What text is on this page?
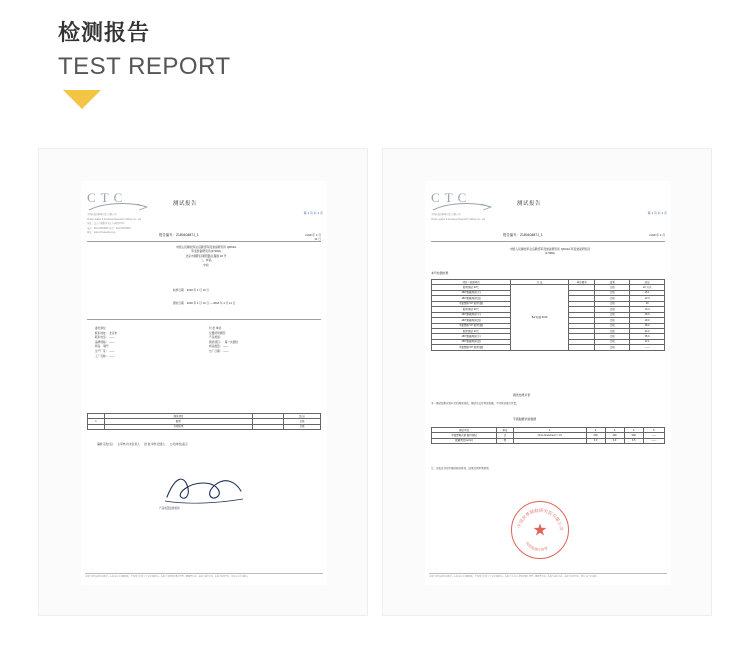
检测报告
TEST REPORT
CTC
中国皮革制鞋研究院有限公司
China Leather & Footwear Research Institute Co., Ltd
地址：北京市朝阳区望京东园四区8号
电话：010-64363926 传真：010-64363936
网址：www.chinaleather.org
测试报告
第 1 页 共 1 页
报告编号：Z18040487J_1	2018 年 4 月
11 日
中国人民解放军总后勤部军需装备研究所 QD01A
军需装备研究所(1700H)
北京市朝阳区朝阳路甘露园 16 号
二、样品
中检
收样日期 2018 年 4 月 10 日
测试日期 2018 年 4 月 10 日 — 2018 年 4 月 11 日
委托单位
联系地址： 北京市
联系电话： ——
品牌规格： ——
样品 鞋号
生产厂家： ——
工厂名称： ——
付 款 单位：
仪器使用情况：
产品类别：
测试项目： 第一次测试
样品数量： ——
出厂日期： ——
	测试项目		结 论
1	耐折		合格
	外观质量		合格
编制 签发(名) 主审核 技术负责人 批 准 审核 批准人 公司(单位)盖章
产品质量监督检验
本报告仅对送检样品负责。未经本公司书面批准，不得部分复制（全文复制除外）。本报告无检验检测专用章、骑缝章无效。本报告涂改无效。本报告如有异议，请在 15 日内提出。
CTC
中国皮革制鞋研究院有限公司
China Leather & Footwear Research Institute Co., Ltd
测试报告
第 1 页 共 1 页
报告编号：Z18040487J_1	2018 年 4 月
中国人民解放军总后勤部军需装备研究所 QD01A 军需装备研究所
(1700H)
本号检测结果
项目 / 检测项目	方 法	单位要求	结果	结论
耐折测试 20℃	BJ/ 标准 2016		合格	10 万次
180°耐磨测试(干)			合格	15.1
180°耐磨测试(湿)			合格	12.3
平面摩擦 50° 耐折(面)			合格	40
耐折测试 20℃			合格	13.4
180°耐磨测试(干)			合格	18.0
180°耐磨测试(湿)			合格	19.0
平面摩擦 50° 耐折(面)			合格	18.2
耐折测试 20℃			合格	14.2
180°耐磨测试(干)			合格	15.0
180°耐磨测试(湿)			合格	12.1
平面摩擦 50° 耐折(面)			合格	——
测试结果评价
本一测试结果仅供认可的测试样品，测试方法及判定依据，不对其他批次负责。
平面耐磨试验数据
测试项目	单位	1	2	3	4	5
平面摩擦次数 耐折测试	次	Once branched r= 1.0	200	200	500	——
耐磨判定(w/cm)	级		3.0	3.0	3.5	——
注：该报告仅对所测试样品有效，结果仅供参考使用。
中国皮革制鞋研究院有限公司
检验检测专用章
★
本报告仅对送检样品负责。未经本公司书面批准，不得部分复制（全文复制除外）。本报告无 CTC 检验检测专用章、骑缝章无效。本报告涂改无效。本报告如有异议，请在 15 日内提出。
